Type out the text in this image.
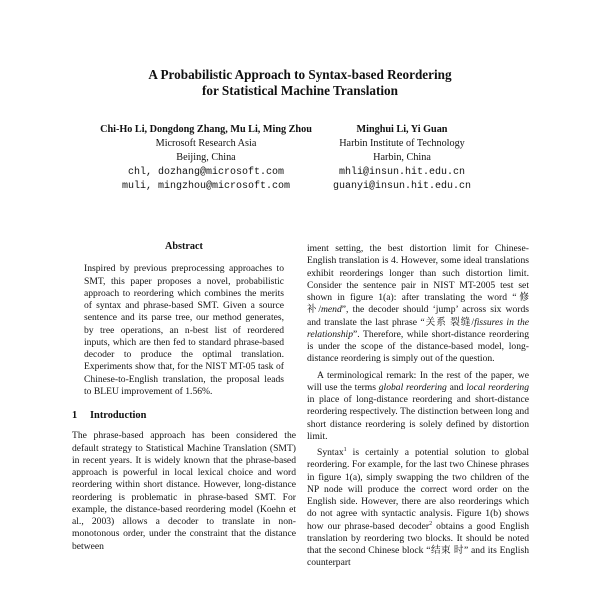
A Probabilistic Approach to Syntax-based Reordering
for Statistical Machine Translation
Chi-Ho Li, Dongdong Zhang, Mu Li, Ming Zhou
Microsoft Research Asia
Beijing, China
chl, dozhang@microsoft.com
muli, mingzhou@microsoft.com
Minghui Li, Yi Guan
Harbin Institute of Technology
Harbin, China
mhli@insun.hit.edu.cn
guanyi@insun.hit.edu.cn
Abstract

Inspired by previous preprocessing approaches to SMT, this paper proposes a novel, probabilistic approach to reordering which combines the merits of syntax and phrase-based SMT. Given a source sentence and its parse tree, our method generates, by tree operations, an n-best list of reordered inputs, which are then fed to standard phrase-based decoder to produce the optimal translation. Experiments show that, for the NIST MT-05 task of Chinese-to-English translation, the proposal leads to BLEU improvement of 1.56%.

1 Introduction

The phrase-based approach has been considered the default strategy to Statistical Machine Translation (SMT) in recent years. It is widely known that the phrase-based approach is powerful in local lexical choice and word reordering within short distance. However, long-distance reordering is problematic in phrase-based SMT. For example, the distance-based reordering model (Koehn et al., 2003) allows a decoder to translate in non-monotonous order, under the constraint that the distance between

iment setting, the best distortion limit for Chinese-English translation is 4. However, some ideal translations exhibit reorderings longer than such distortion limit. Consider the sentence pair in NIST MT-2005 test set shown in figure 1(a): after translating the word “修补/mend”, the decoder should ‘jump’ across six words and translate the last phrase “关系 裂缝/fissures in the relationship”. Therefore, while short-distance reordering is under the scope of the distance-based model, long-distance reordering is simply out of the question.

A terminological remark: In the rest of the paper, we will use the terms global reordering and local reordering in place of long-distance reordering and short-distance reordering respectively. The distinction between long and short distance reordering is solely defined by distortion limit.

Syntax$^1$ is certainly a potential solution to global reordering. For example, for the last two Chinese phrases in figure 1(a), simply swapping the two children of the NP node will produce the correct word order on the English side. However, there are also reorderings which do not agree with syntactic analysis. Figure 1(b) shows how our phrase-based decoder$^2$ obtains a good English translation by reordering two blocks. It should be noted that the second Chinese block “结束 时” and its English counterpart
